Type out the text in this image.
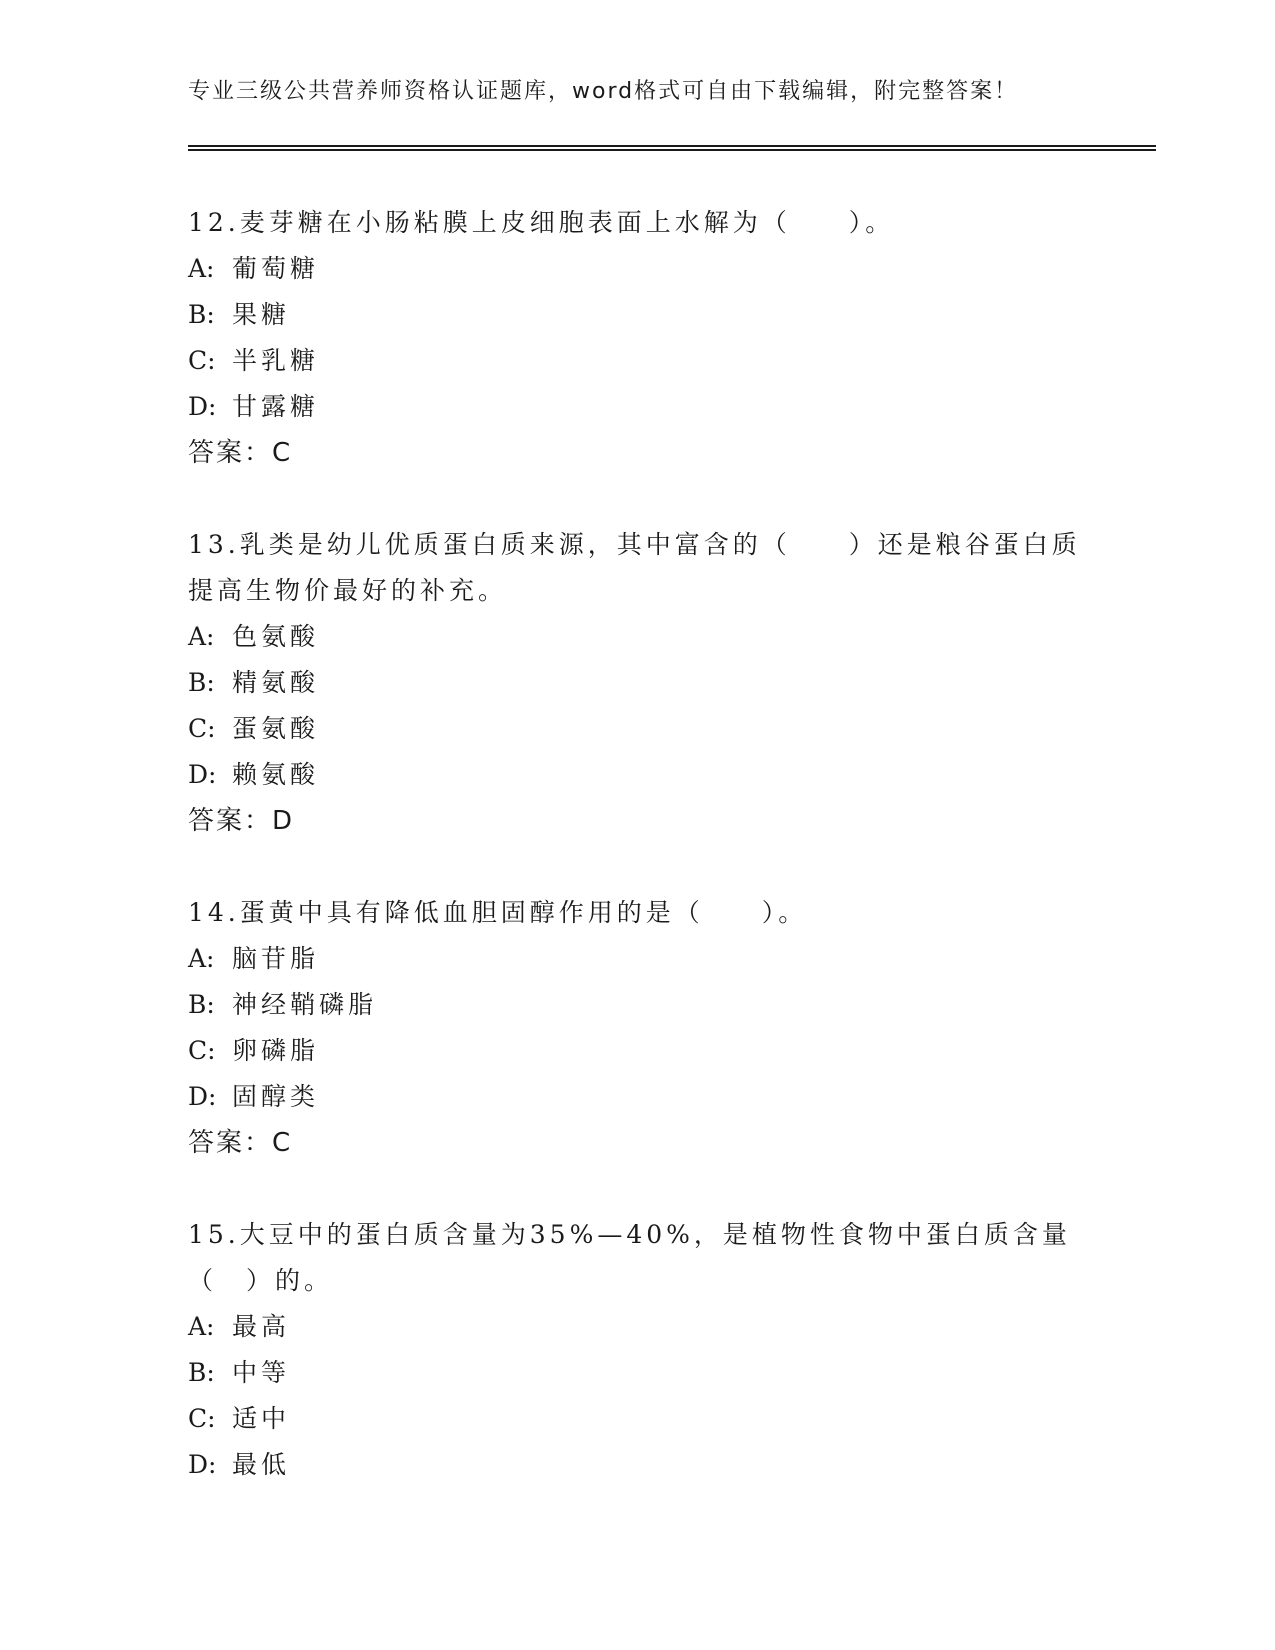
专业三级公共营养师资格认证题库，word格式可自由下载编辑，附完整答案！

12.麦芽糖在小肠粘膜上皮细胞表面上水解为（　　）。

A: 葡萄糖

B: 果糖

C: 半乳糖

D: 甘露糖

答案：C

13.乳类是幼儿优质蛋白质来源，其中富含的（　　）还是粮谷蛋白质提高生物价最好的补充。

A: 色氨酸

B: 精氨酸

C: 蛋氨酸

D: 赖氨酸

答案：D

14.蛋黄中具有降低血胆固醇作用的是（　　）。

A: 脑苷脂

B: 神经鞘磷脂

C: 卵磷脂

D: 固醇类

答案：C

15.大豆中的蛋白质含量为35%—40%，是植物性食物中蛋白质含量（　）的。

A: 最高

B: 中等

C: 适中

D: 最低
